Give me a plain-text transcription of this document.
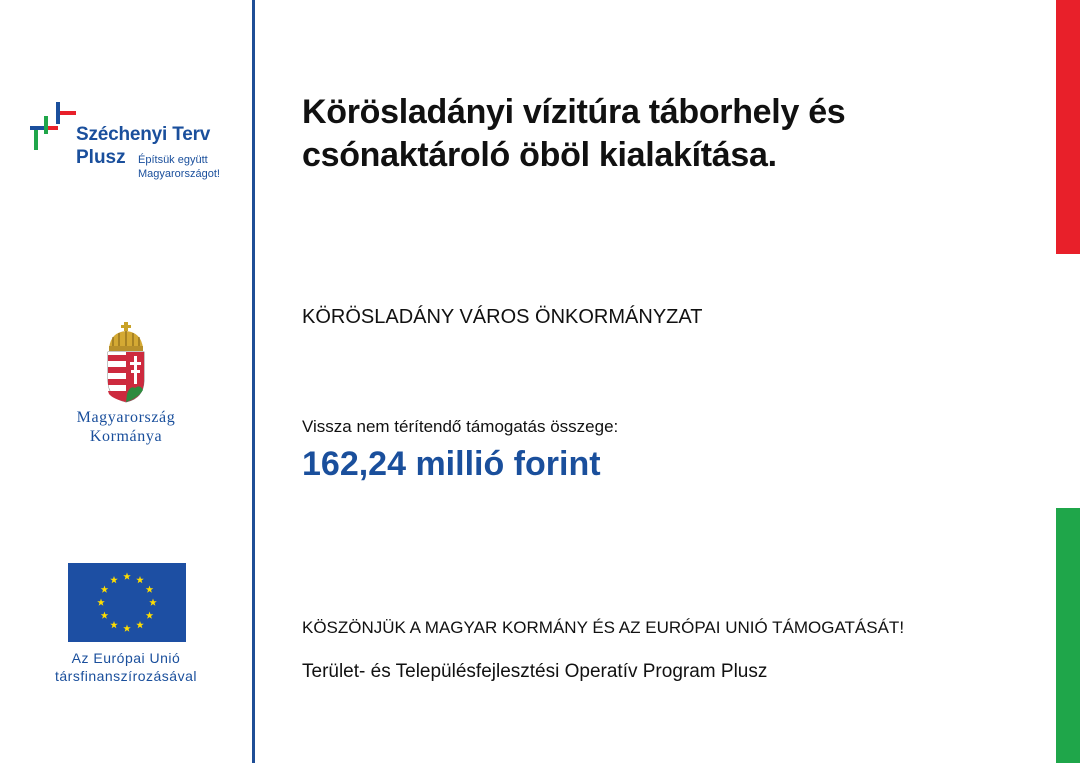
Széchenyi Terv
Plusz Építsük együtt
Magyarországot!
Magyarország
Kormánya
Az Európai Unió
társfinanszírozásával
Körösladányi vízitúra táborhely és
csónaktároló öböl kialakítása.
KÖRÖSLADÁNY VÁROS ÖNKORMÁNYZAT
Vissza nem térítendő támogatás összege:
162,24 millió forint
KÖSZÖNJÜK A MAGYAR KORMÁNY ÉS AZ EURÓPAI UNIÓ TÁMOGATÁSÁT!
Terület- és Településfejlesztési Operatív Program Plusz
